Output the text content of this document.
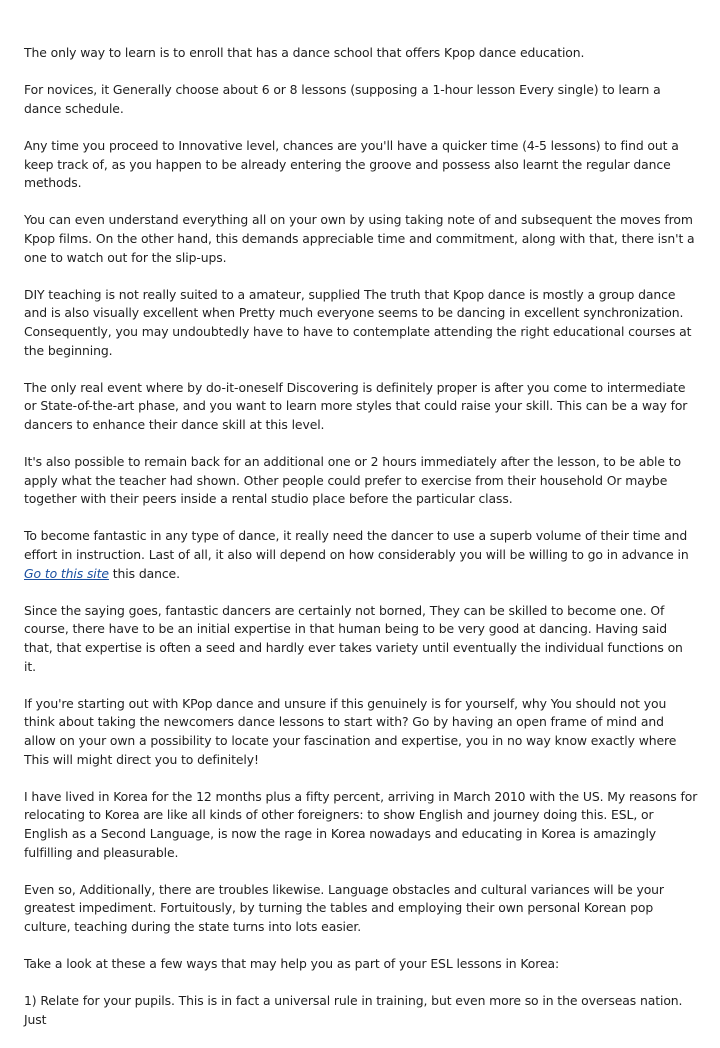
The only way to learn is to enroll that has a dance school that offers Kpop dance education.

For novices, it Generally choose about 6 or 8 lessons (supposing a 1-hour lesson Every single) to learn a dance schedule.

Any time you proceed to Innovative level, chances are you'll have a quicker time (4-5 lessons) to find out a keep track of, as you happen to be already entering the groove and possess also learnt the regular dance methods.

You can even understand everything all on your own by using taking note of and subsequent the moves from Kpop films. On the other hand, this demands appreciable time and commitment, along with that, there isn't a one to watch out for the slip-ups.

DIY teaching is not really suited to a amateur, supplied The truth that Kpop dance is mostly a group dance and is also visually excellent when Pretty much everyone seems to be dancing in excellent synchronization. Consequently, you may undoubtedly have to have to contemplate attending the right educational courses at the beginning.

The only real event where by do-it-oneself Discovering is definitely proper is after you come to intermediate or State-of-the-art phase, and you want to learn more styles that could raise your skill. This can be a way for dancers to enhance their dance skill at this level.

It's also possible to remain back for an additional one or 2 hours immediately after the lesson, to be able to apply what the teacher had shown. Other people could prefer to exercise from their household Or maybe together with their peers inside a rental studio place before the particular class.

To become fantastic in any type of dance, it really need the dancer to use a superb volume of their time and effort in instruction. Last of all, it also will depend on how considerably you will be willing to go in advance in Go to this site this dance.

Since the saying goes, fantastic dancers are certainly not borned, They can be skilled to become one. Of course, there have to be an initial expertise in that human being to be very good at dancing. Having said that, that expertise is often a seed and hardly ever takes variety until eventually the individual functions on it.

If you're starting out with KPop dance and unsure if this genuinely is for yourself, why You should not you think about taking the newcomers dance lessons to start with? Go by having an open frame of mind and allow on your own a possibility to locate your fascination and expertise, you in no way know exactly where This will might direct you to definitely!

I have lived in Korea for the 12 months plus a fifty percent, arriving in March 2010 with the US. My reasons for relocating to Korea are like all kinds of other foreigners: to show English and journey doing this. ESL, or English as a Second Language, is now the rage in Korea nowadays and educating in Korea is amazingly fulfilling and pleasurable.

Even so, Additionally, there are troubles likewise. Language obstacles and cultural variances will be your greatest impediment. Fortuitously, by turning the tables and employing their own personal Korean pop culture, teaching during the state turns into lots easier.

Take a look at these a few ways that may help you as part of your ESL lessons in Korea:

1) Relate for your pupils. This is in fact a universal rule in training, but even more so in the overseas nation. Just
